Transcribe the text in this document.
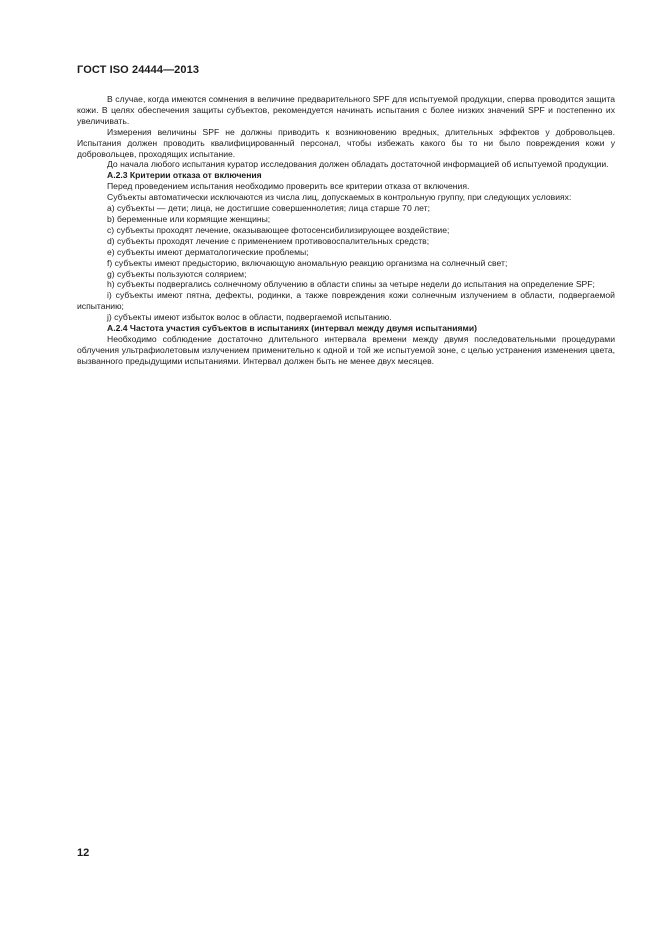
ГОСТ ISO 24444—2013

В случае, когда имеются сомнения в величине предварительного SPF для испытуемой продукции, сперва проводится защита кожи. В целях обеспечения защиты субъектов, рекомендуется начинать испытания с более низких значений SPF и постепенно их увеличивать.

Измерения величины SPF не должны приводить к возникновению вредных, длительных эффектов у добровольцев. Испытания должен проводить квалифицированный персонал, чтобы избежать какого бы то ни было повреждения кожи у добровольцев, проходящих испытание.

До начала любого испытания куратор исследования должен обладать достаточной информацией об испытуемой продукции.

А.2.3 Критерии отказа от включения

Перед проведением испытания необходимо проверить все критерии отказа от включения.

Субъекты автоматически исключаются из числа лиц, допускаемых в контрольную группу, при следующих условиях:

a) субъекты — дети; лица, не достигшие совершеннолетия; лица старше 70 лет;

b) беременные или кормящие женщины;

c) субъекты проходят лечение, оказывающее фотосенсибилизирующее воздействие;

d) субъекты проходят лечение с применением противовоспалительных средств;

e) субъекты имеют дерматологические проблемы;

f) субъекты имеют предысторию, включающую аномальную реакцию организма на солнечный свет;

g) субъекты пользуются солярием;

h) субъекты подвергались солнечному облучению в области спины за четыре недели до испытания на определение SPF;

i) субъекты имеют пятна, дефекты, родинки, а также повреждения кожи солнечным излучением в области, подвергаемой испытанию;

j) субъекты имеют избыток волос в области, подвергаемой испытанию.

А.2.4 Частота участия субъектов в испытаниях (интервал между двумя испытаниями)

Необходимо соблюдение достаточно длительного интервала времени между двумя последовательными процедурами облучения ультрафиолетовым излучением применительно к одной и той же испытуемой зоне, с целью устранения изменения цвета, вызванного предыдущими испытаниями. Интервал должен быть не менее двух месяцев.

12
